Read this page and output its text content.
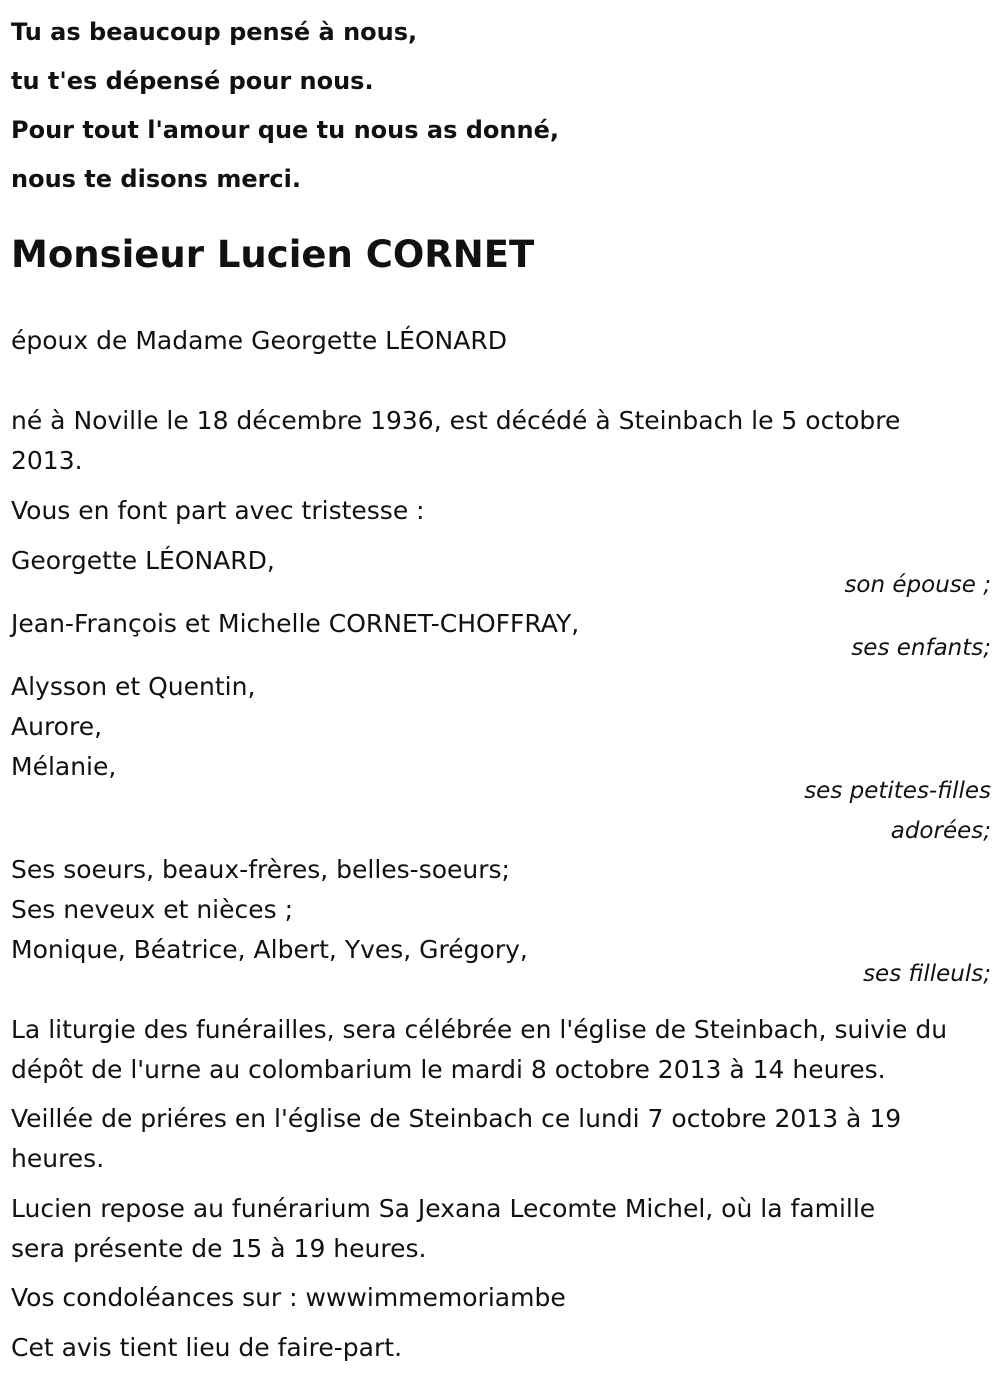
Tu as beaucoup pensé à nous,
tu t'es dépensé pour nous.
Pour tout l'amour que tu nous as donné,
nous te disons merci.
Monsieur Lucien CORNET
époux de Madame Georgette LÉONARD
né à Noville le 18 décembre 1936, est décédé à Steinbach le 5 octobre
2013.
Vous en font part avec tristesse :
Georgette LÉONARD,
son épouse ;
Jean-François et Michelle CORNET-CHOFFRAY,
ses enfants;
Alysson et Quentin,
Aurore,
Mélanie,
ses petites-filles
adorées;
Ses soeurs, beaux-frères, belles-soeurs;
Ses neveux et nièces ;
Monique, Béatrice, Albert, Yves, Grégory,
ses filleuls;
La liturgie des funérailles, sera célébrée en l'église de Steinbach, suivie du
dépôt de l'urne au colombarium le mardi 8 octobre 2013 à 14 heures.
Veillée de priéres en l'église de Steinbach ce lundi 7 octobre 2013 à 19
heures.
Lucien repose au funérarium Sa Jexana Lecomte Michel, où la famille
sera présente de 15 à 19 heures.
Vos condoléances sur : wwwimmemoriambe
Cet avis tient lieu de faire-part.
